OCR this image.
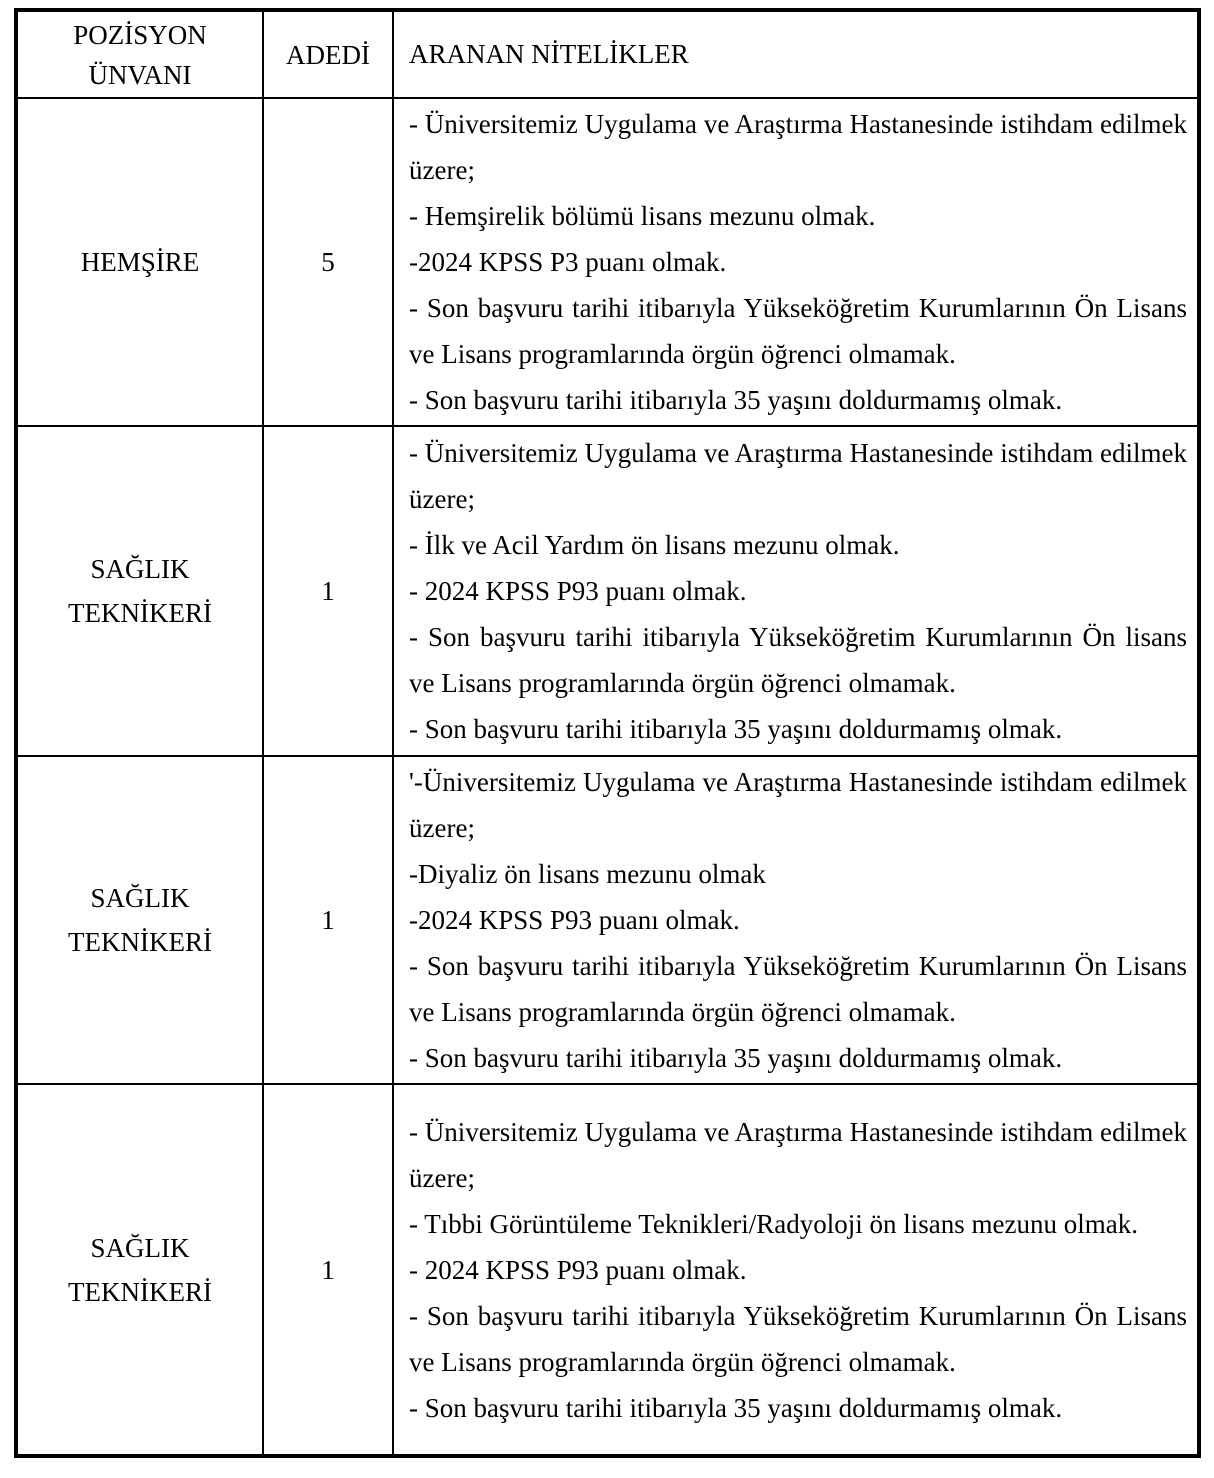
POZİSYON ÜNVANI	ADEDİ	ARANAN NİTELİKLER
HEMŞİRE	5	- Üniversitemiz Uygulama ve Araştırma Hastanesinde istihdam edilmek üzere;

- Hemşirelik bölümü lisans mezunu olmak.

-2024 KPSS P3 puanı olmak.

- Son başvuru tarihi itibarıyla Yükseköğretim Kurumlarının Ön Lisans ve Lisans programlarında örgün öğrenci olmamak.

- Son başvuru tarihi itibarıyla 35 yaşını doldurmamış olmak.

SAĞLIK TEKNİKERİ	1	- Üniversitemiz Uygulama ve Araştırma Hastanesinde istihdam edilmek üzere;

- İlk ve Acil Yardım ön lisans mezunu olmak.

- 2024 KPSS P93 puanı olmak.

- Son başvuru tarihi itibarıyla Yükseköğretim Kurumlarının Ön lisans ve Lisans programlarında örgün öğrenci olmamak.

- Son başvuru tarihi itibarıyla 35 yaşını doldurmamış olmak.

SAĞLIK TEKNİKERİ	1	'-Üniversitemiz Uygulama ve Araştırma Hastanesinde istihdam edilmek üzere;

-Diyaliz ön lisans mezunu olmak

-2024 KPSS P93 puanı olmak.

- Son başvuru tarihi itibarıyla Yükseköğretim Kurumlarının Ön Lisans ve Lisans programlarında örgün öğrenci olmamak.

- Son başvuru tarihi itibarıyla 35 yaşını doldurmamış olmak.

SAĞLIK TEKNİKERİ	1	- Üniversitemiz Uygulama ve Araştırma Hastanesinde istihdam edilmek üzere;

- Tıbbi Görüntüleme Teknikleri/Radyoloji ön lisans mezunu olmak.

- 2024 KPSS P93 puanı olmak.

- Son başvuru tarihi itibarıyla Yükseköğretim Kurumlarının Ön Lisans ve Lisans programlarında örgün öğrenci olmamak.

- Son başvuru tarihi itibarıyla 35 yaşını doldurmamış olmak.
